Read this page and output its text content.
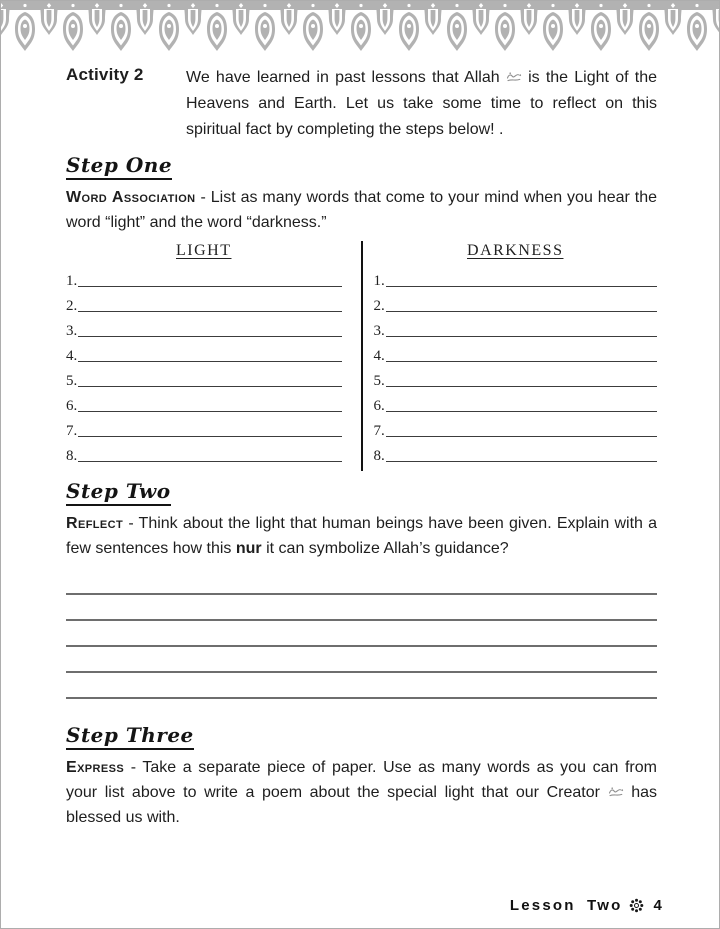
Activity 2	We have learned in past lessons that Allah is the Light of the Heavens and Earth. Let us take some time to reflect on this spiritual fact by completing the steps below! .
Step One
Word Association - List as many words that come to your mind when you hear the word “light” and the word “darkness.”
LIGHT
1.
2.
3.
4.
5.
6.
7.
8.
DARKNESS
1.
2.
3.
4.
5.
6.
7.
8.
Step Two
Reflect - Think about the light that human beings have been given. Explain with a few sentences how this nur it can symbolize Allah’s guidance?
Step Three
Express - Take a separate piece of paper. Use as many words as you can from your list above to write a poem about the special light that our Creator has blessed us with.
Lesson Two 4
